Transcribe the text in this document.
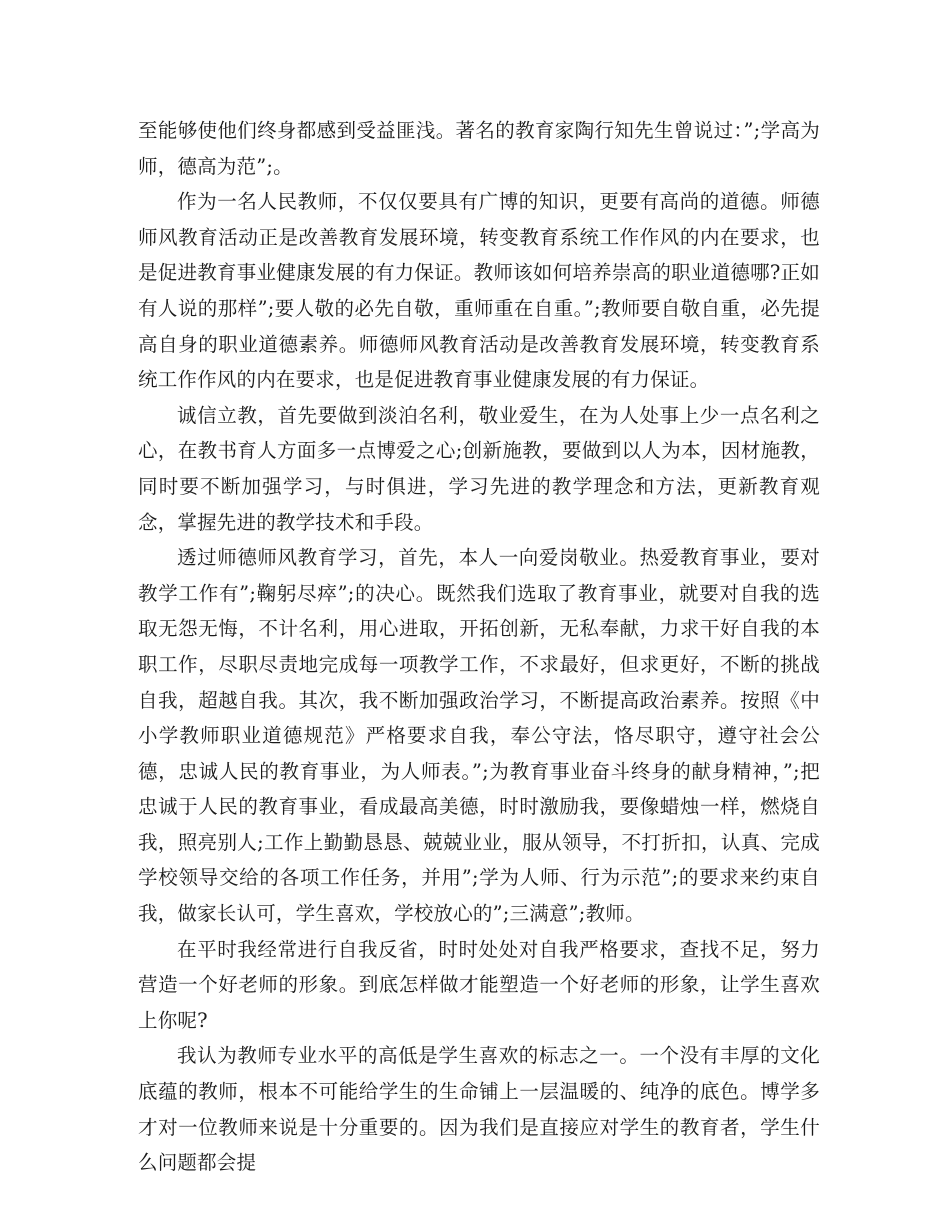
至能够使他们终身都感到受益匪浅。著名的教育家陶行知先生曾说过：”;学高为师，德高为范”;。

作为一名人民教师，不仅仅要具有广博的知识，更要有高尚的道德。师德师风教育活动正是改善教育发展环境，转变教育系统工作作风的内在要求，也是促进教育事业健康发展的有力保证。教师该如何培养崇高的职业道德哪?正如有人说的那样”;要人敬的必先自敬，重师重在自重。”;教师要自敬自重，必先提高自身的职业道德素养。师德师风教育活动是改善教育发展环境，转变教育系统工作作风的内在要求，也是促进教育事业健康发展的有力保证。

诚信立教，首先要做到淡泊名利，敬业爱生，在为人处事上少一点名利之心，在教书育人方面多一点博爱之心;创新施教，要做到以人为本，因材施教，同时要不断加强学习，与时俱进，学习先进的教学理念和方法，更新教育观念，掌握先进的教学技术和手段。

透过师德师风教育学习，首先，本人一向爱岗敬业。热爱教育事业，要对教学工作有”;鞠躬尽瘁”;的决心。既然我们选取了教育事业，就要对自我的选取无怨无悔，不计名利，用心进取，开拓创新，无私奉献，力求干好自我的本职工作，尽职尽责地完成每一项教学工作，不求最好，但求更好，不断的挑战自我，超越自我。其次，我不断加强政治学习，不断提高政治素养。按照《中小学教师职业道德规范》严格要求自我，奉公守法，恪尽职守，遵守社会公德，忠诚人民的教育事业，为人师表。”;为教育事业奋斗终身的献身精神，”;把忠诚于人民的教育事业，看成最高美德，时时激励我，要像蜡烛一样，燃烧自我，照亮别人;工作上勤勤恳恳、兢兢业业，服从领导，不打折扣，认真、完成学校领导交给的各项工作任务，并用”;学为人师、行为示范”;的要求来约束自我，做家长认可，学生喜欢，学校放心的”;三满意”;教师。

在平时我经常进行自我反省，时时处处对自我严格要求，查找不足，努力营造一个好老师的形象。到底怎样做才能塑造一个好老师的形象，让学生喜欢上你呢?

我认为教师专业水平的高低是学生喜欢的标志之一。一个没有丰厚的文化底蕴的教师，根本不可能给学生的生命铺上一层温暖的、纯净的底色。博学多才对一位教师来说是十分重要的。因为我们是直接应对学生的教育者，学生什么问题都会提
